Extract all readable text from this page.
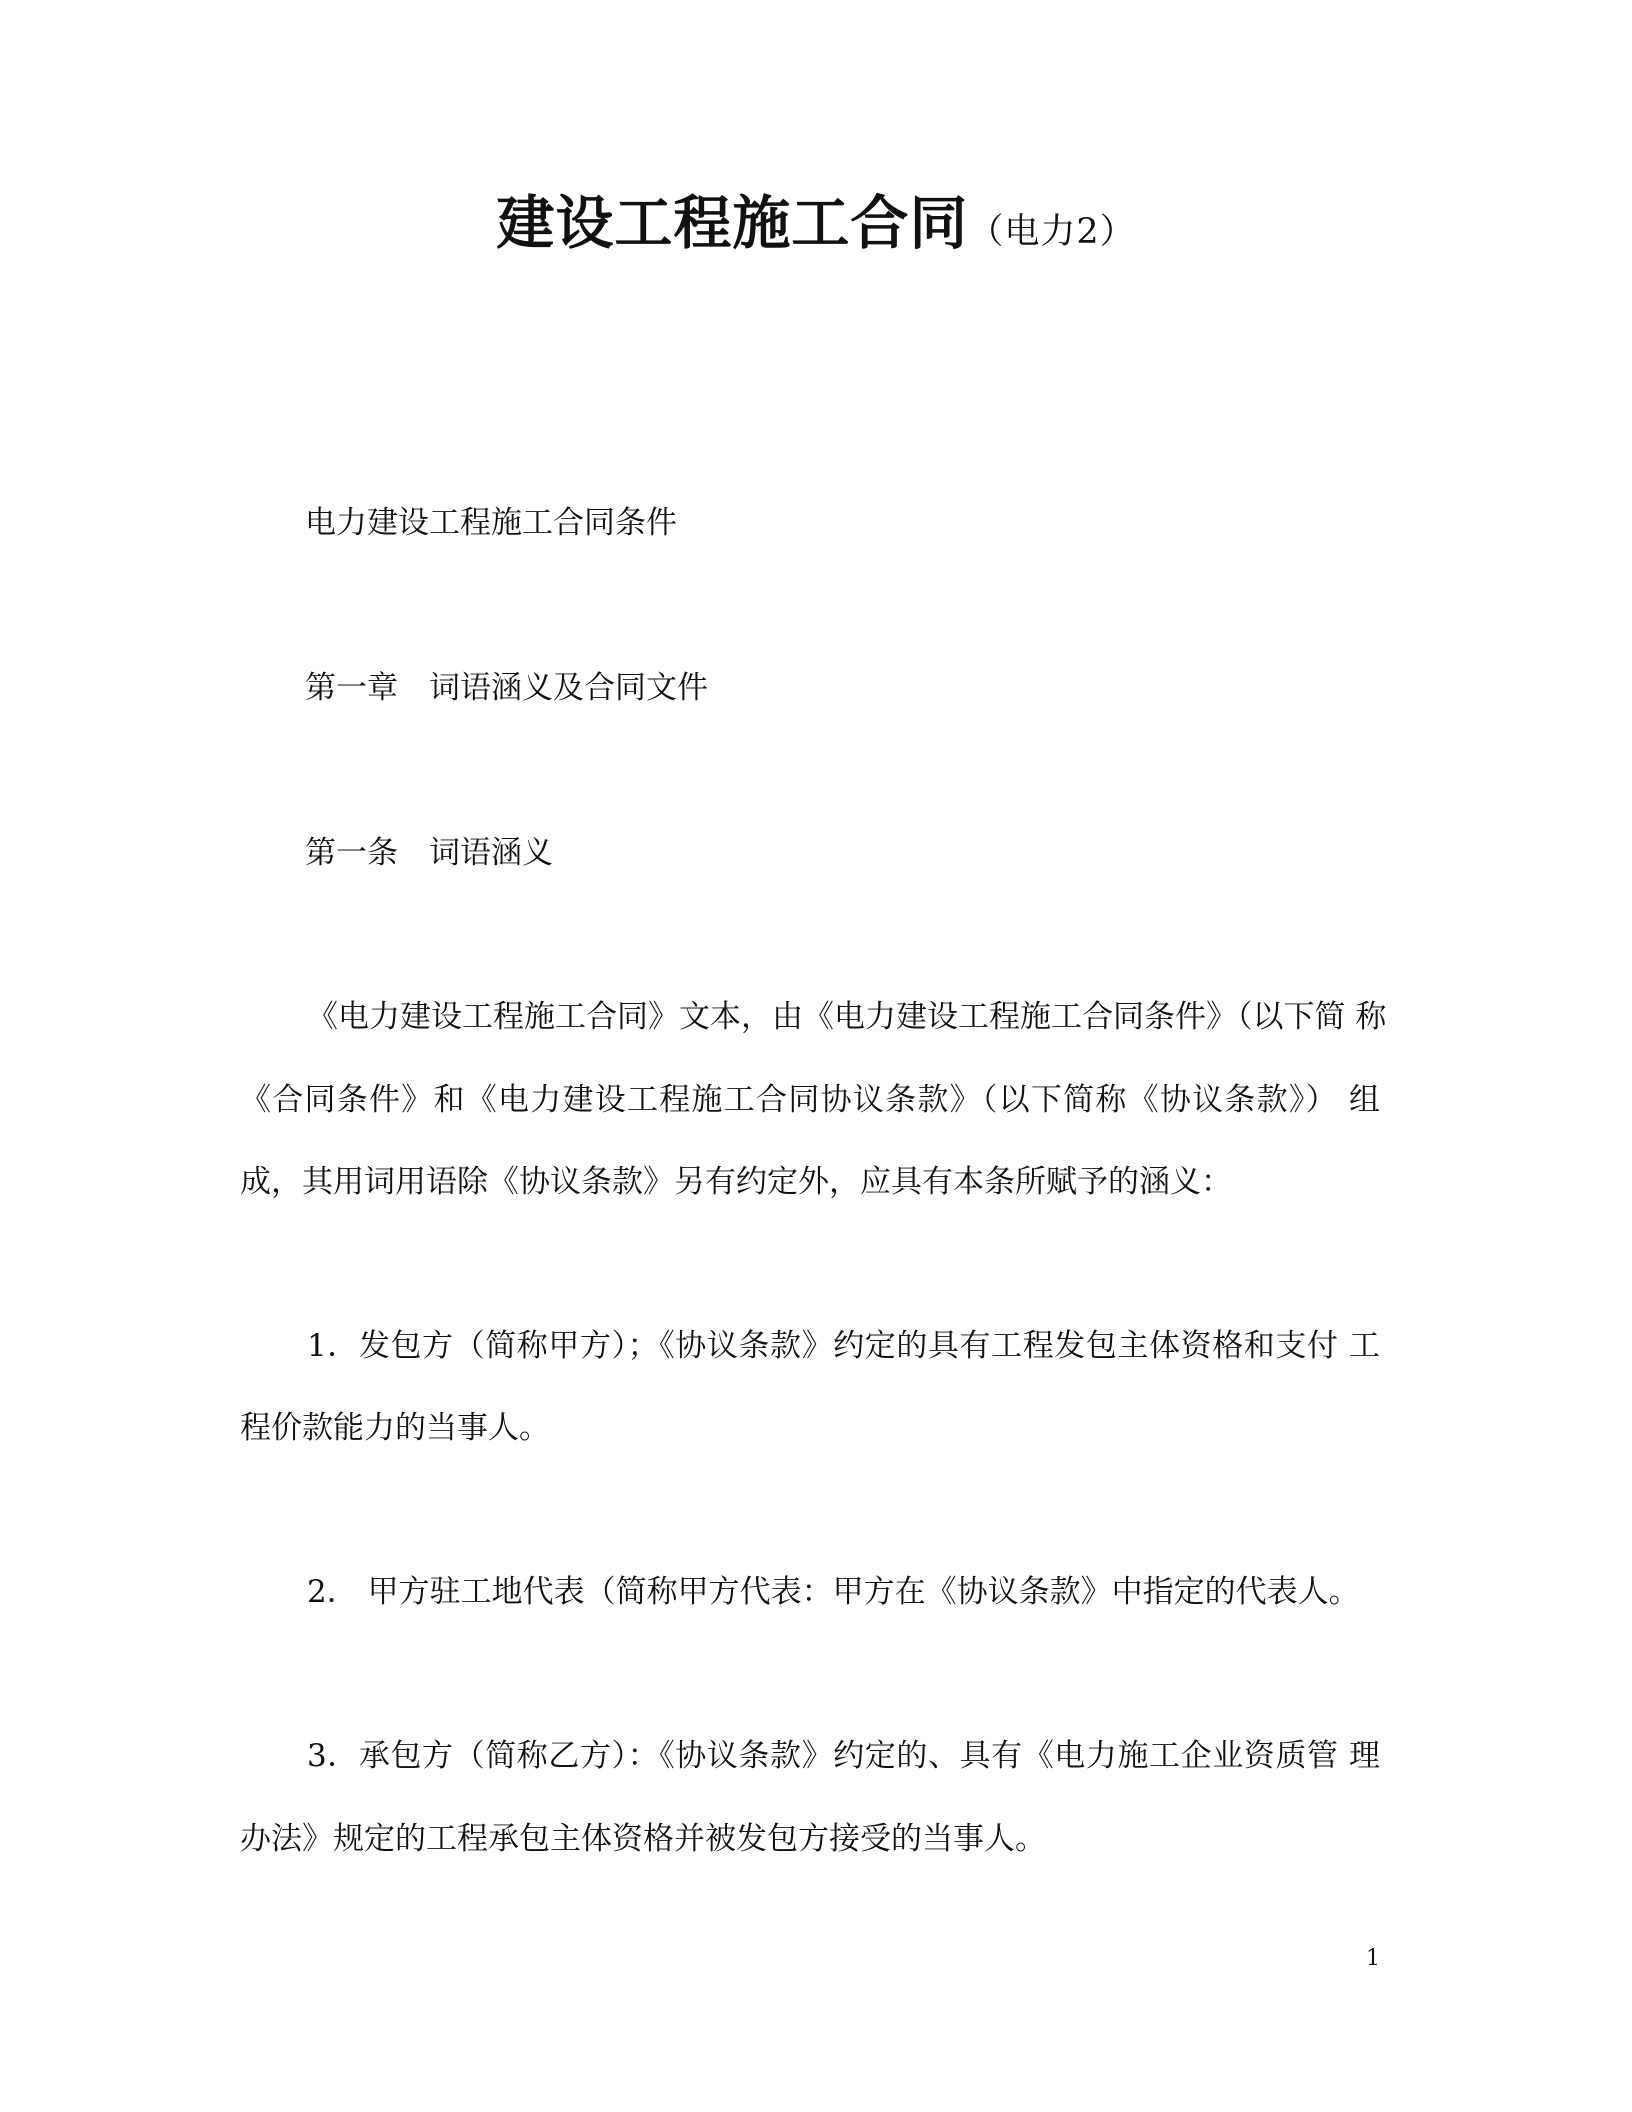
建设工程施工合同（电力2）
电力建设工程施工合同条件
第一章　词语涵义及合同文件
第一条　词语涵义
《电力建设工程施工合同》文本，由《电力建设工程施工合同条件》（以下简 称
《合同条件》和《电力建设工程施工合同协议条款》（以下简称《协议条款》） 组
成，其用词用语除《协议条款》另有约定外，应具有本条所赋予的涵义：
1．发包方（简称甲方）；《协议条款》约定的具有工程发包主体资格和支付 工
程价款能力的当事人。
2． 甲方驻工地代表（简称甲方代表：甲方在《协议条款》中指定的代表人。
3．承包方（简称乙方）：《协议条款》约定的、具有《电力施工企业资质管 理
办法》规定的工程承包主体资格并被发包方接受的当事人。
1
